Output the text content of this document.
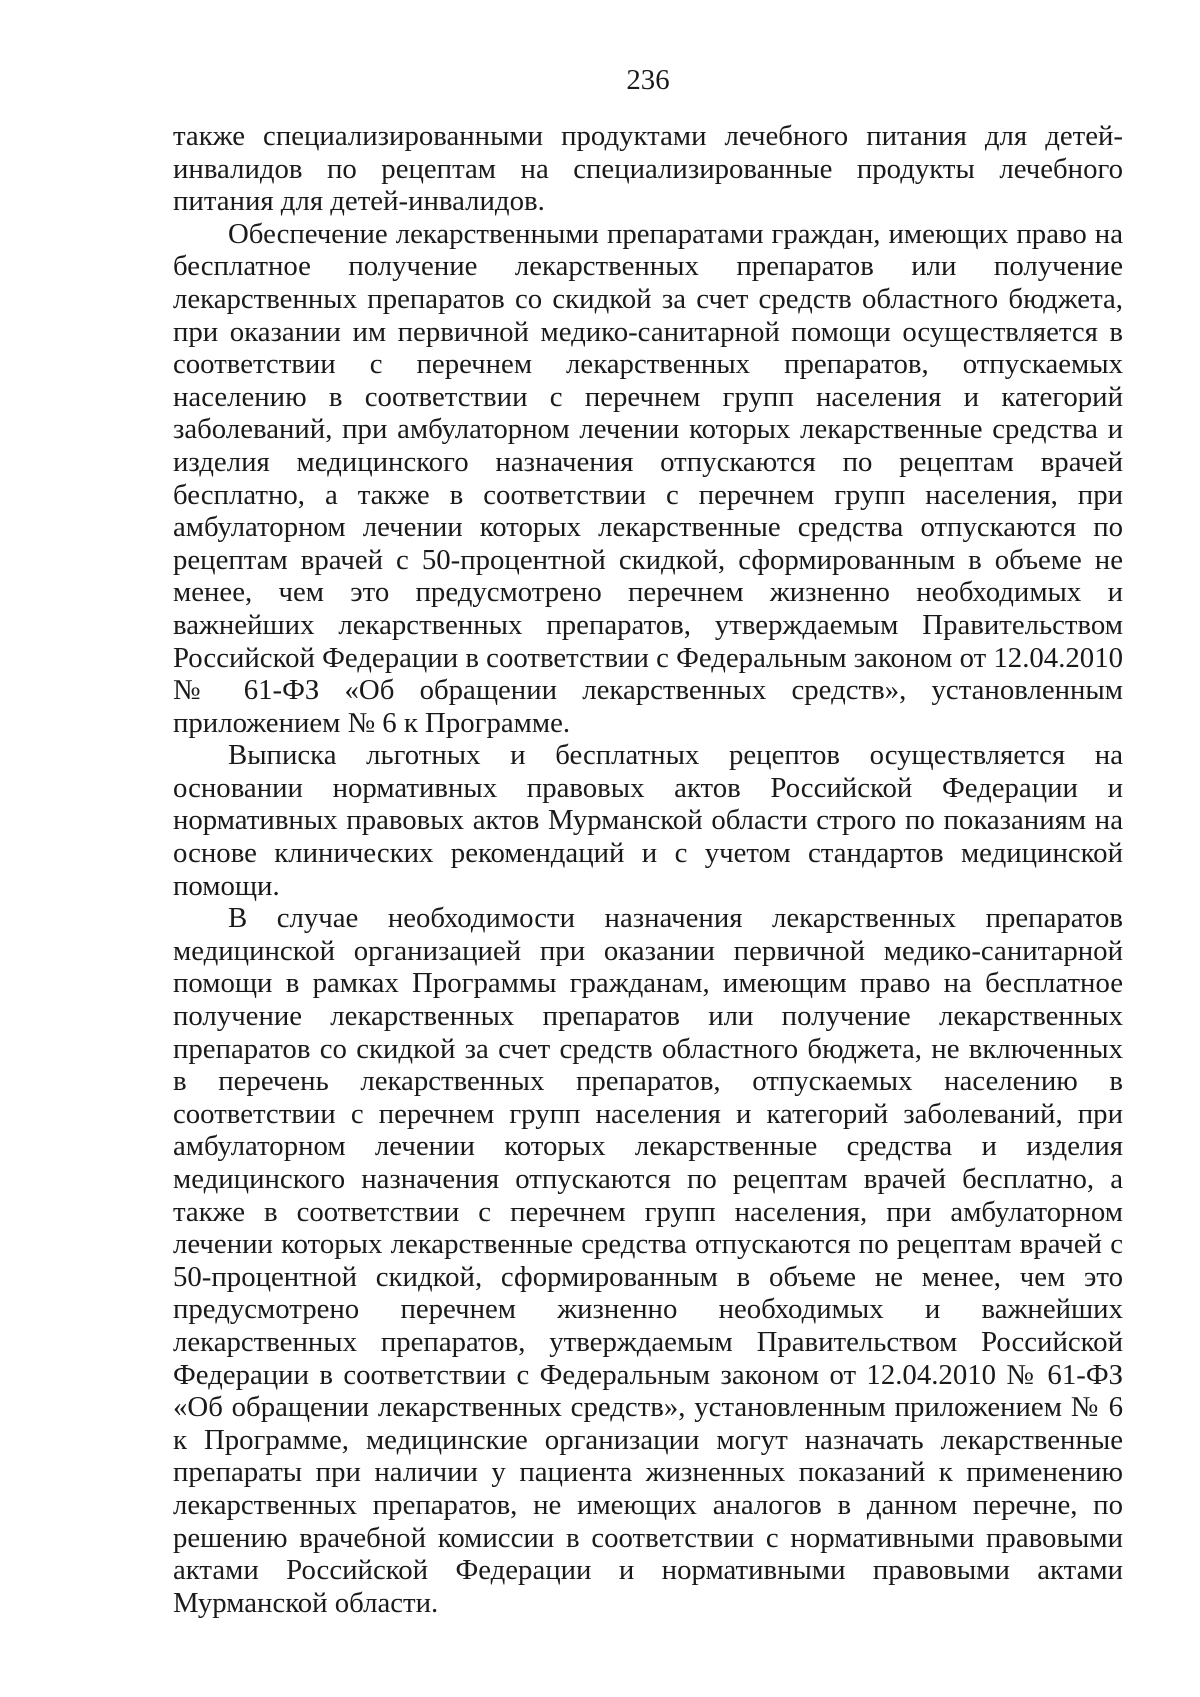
236

также специализированными продуктами лечебного питания для детей-инвалидов по рецептам на специализированные продукты лечебного питания для детей-инвалидов.

Обеспечение лекарственными препаратами граждан, имеющих право на бесплатное получение лекарственных препаратов или получение лекарственных препаратов со скидкой за счет средств областного бюджета, при оказании им первичной медико-санитарной помощи осуществляется в соответствии с перечнем лекарственных препаратов, отпускаемых населению в соответствии с перечнем групп населения и категорий заболеваний, при амбулаторном лечении которых лекарственные средства и изделия медицинского назначения отпускаются по рецептам врачей бесплатно, а также в соответствии с перечнем групп населения, при амбулаторном лечении которых лекарственные средства отпускаются по рецептам врачей с 50-процентной скидкой, сформированным в объеме не менее, чем это предусмотрено перечнем жизненно необходимых и важнейших лекарственных препаратов, утверждаемым Правительством Российской Федерации в соответствии с Федеральным законом от 12.04.2010 № 61-ФЗ «Об обращении лекарственных средств», установленным приложением № 6 к Программе.

Выписка льготных и бесплатных рецептов осуществляется на основании нормативных правовых актов Российской Федерации и нормативных правовых актов Мурманской области строго по показаниям на основе клинических рекомендаций и с учетом стандартов медицинской помощи.

В случае необходимости назначения лекарственных препаратов медицинской организацией при оказании первичной медико-санитарной помощи в рамках Программы гражданам, имеющим право на бесплатное получение лекарственных препаратов или получение лекарственных препаратов со скидкой за счет средств областного бюджета, не включенных в перечень лекарственных препаратов, отпускаемых населению в соответствии с перечнем групп населения и категорий заболеваний, при амбулаторном лечении которых лекарственные средства и изделия медицинского назначения отпускаются по рецептам врачей бесплатно, а также в соответствии с перечнем групп населения, при амбулаторном лечении которых лекарственные средства отпускаются по рецептам врачей с 50-процентной скидкой, сформированным в объеме не менее, чем это предусмотрено перечнем жизненно необходимых и важнейших лекарственных препаратов, утверждаемым Правительством Российской Федерации в соответствии с Федеральным законом от 12.04.2010 № 61-ФЗ «Об обращении лекарственных средств», установленным приложением № 6 к Программе, медицинские организации могут назначать лекарственные препараты при наличии у пациента жизненных показаний к применению лекарственных препаратов, не имеющих аналогов в данном перечне, по решению врачебной комиссии в соответствии с нормативными правовыми актами Российской Федерации и нормативными правовыми актами Мурманской области.
